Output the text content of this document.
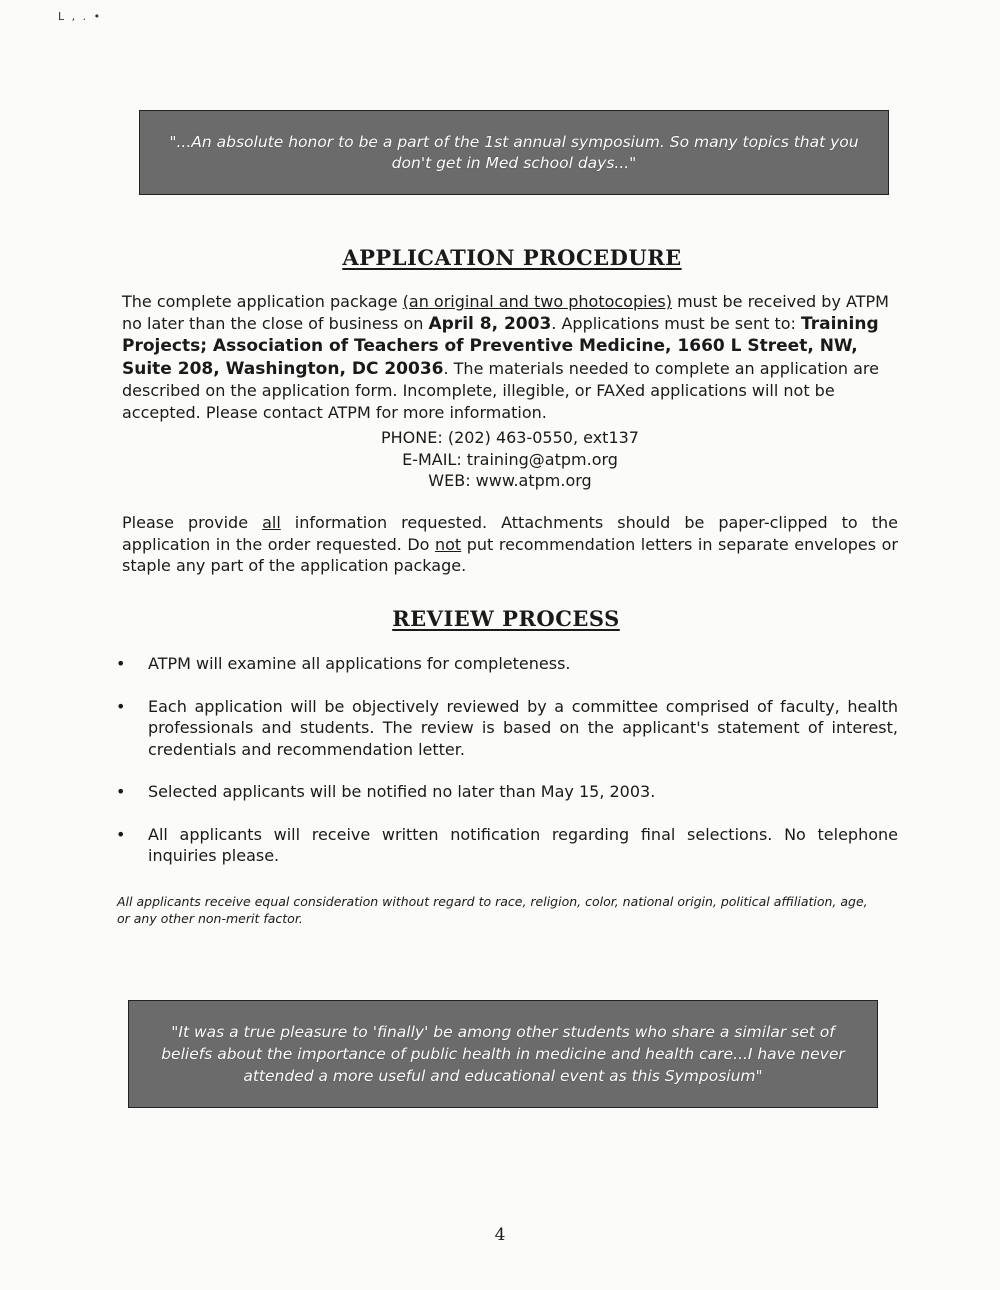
L , . •
"...An absolute honor to be a part of the 1st annual symposium. So many topics that you don't get in Med school days..."
APPLICATION PROCEDURE

The complete application package (an original and two photocopies) must be received by ATPM no later than the close of business on April 8, 2003. Applications must be sent to: Training Projects; Association of Teachers of Preventive Medicine, 1660 L Street, NW, Suite 208, Washington, DC 20036. The materials needed to complete an application are described on the application form. Incomplete, illegible, or FAXed applications will not be accepted. Please contact ATPM for more information.

PHONE: (202) 463-0550, ext137
E-MAIL: training@atpm.org
WEB: www.atpm.org

Please provide all information requested. Attachments should be paper-clipped to the application in the order requested. Do not put recommendation letters in separate envelopes or staple any part of the application package.

REVIEW PROCESS
• ATPM will examine all applications for completeness.
• Each application will be objectively reviewed by a committee comprised of faculty, health professionals and students. The review is based on the applicant's statement of interest, credentials and recommendation letter.
• Selected applicants will be notified no later than May 15, 2003.
• All applicants will receive written notification regarding final selections. No telephone inquiries please.

All applicants receive equal consideration without regard to race, religion, color, national origin, political affiliation, age, or any other non-merit factor.

"It was a true pleasure to 'finally' be among other students who share a similar set of beliefs about the importance of public health in medicine and health care...I have never attended a more useful and educational event as this Symposium"
4
